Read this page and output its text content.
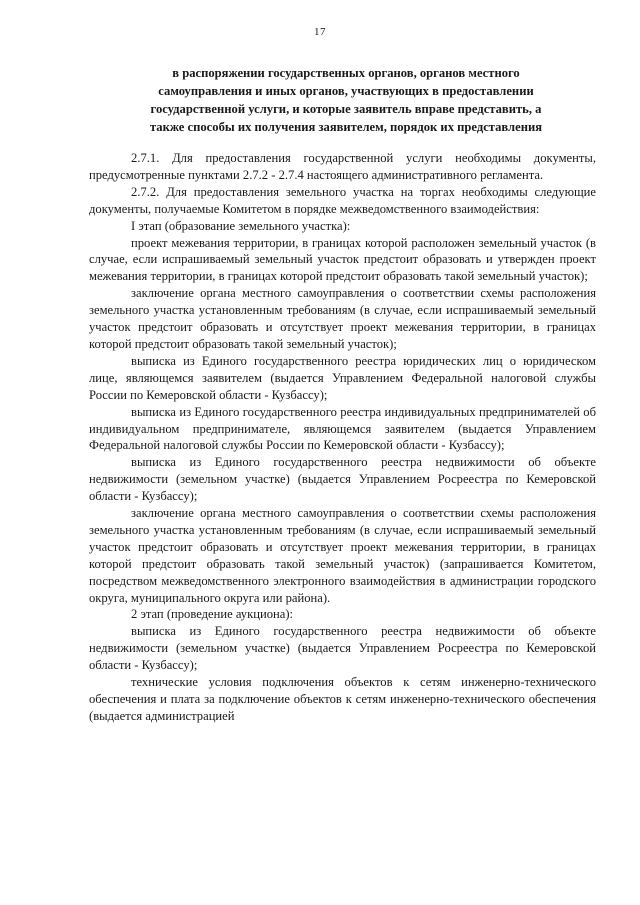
17
в распоряжении государственных органов, органов местного
самоуправления и иных органов, участвующих в предоставлении
государственной услуги, и которые заявитель вправе представить, а
также способы их получения заявителем, порядок их представления

2.7.1. Для предоставления государственной услуги необходимы документы, предусмотренные пунктами 2.7.2 - 2.7.4 настоящего административного регламента.

2.7.2. Для предоставления земельного участка на торгах необходимы следующие документы, получаемые Комитетом в порядке межведомственного взаимодействия:

I этап (образование земельного участка):

проект межевания территории, в границах которой расположен земельный участок (в случае, если испрашиваемый земельный участок предстоит образовать и утвержден проект межевания территории, в границах которой предстоит образовать такой земельный участок);

заключение органа местного самоуправления о соответствии схемы расположения земельного участка установленным требованиям (в случае, если испрашиваемый земельный участок предстоит образовать и отсутствует проект межевания территории, в границах которой предстоит образовать такой земельный участок);

выписка из Единого государственного реестра юридических лиц о юридическом лице, являющемся заявителем (выдается Управлением Федеральной налоговой службы России по Кемеровской области - Кузбассу);

выписка из Единого государственного реестра индивидуальных предпринимателей об индивидуальном предпринимателе, являющемся заявителем (выдается Управлением Федеральной налоговой службы России по Кемеровской области - Кузбассу);

выписка из Единого государственного реестра недвижимости об объекте недвижимости (земельном участке) (выдается Управлением Росреестра по Кемеровской области - Кузбассу);

заключение органа местного самоуправления о соответствии схемы расположения земельного участка установленным требованиям (в случае, если испрашиваемый земельный участок предстоит образовать и отсутствует проект межевания территории, в границах которой предстоит образовать такой земельный участок) (запрашивается Комитетом, посредством межведомственного электронного взаимодействия в администрации городского округа, муниципального округа или района).

2 этап (проведение аукциона):

выписка из Единого государственного реестра недвижимости об объекте недвижимости (земельном участке) (выдается Управлением Росреестра по Кемеровской области - Кузбассу);

технические условия подключения объектов к сетям инженерно-технического обеспечения и плата за подключение объектов к сетям инженерно-технического обеспечения (выдается администрацией
